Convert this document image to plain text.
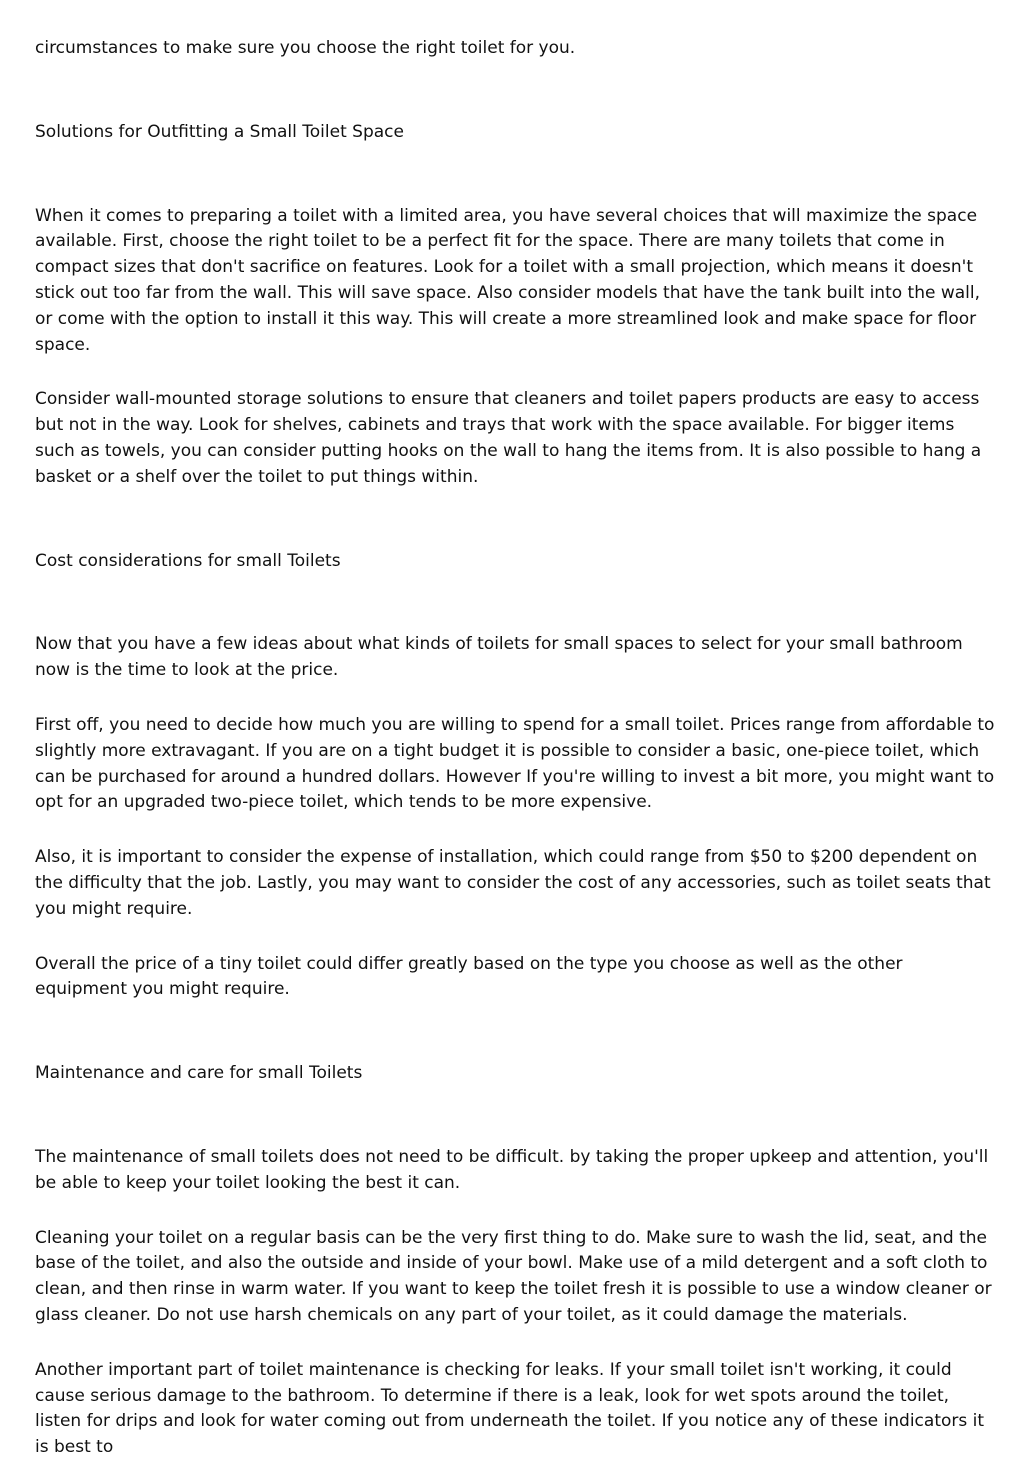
circumstances to make sure you choose the right toilet for you.

Solutions for Outfitting a Small Toilet Space

When it comes to preparing a toilet with a limited area, you have several choices that will maximize the space available. First, choose the right toilet to be a perfect fit for the space. There are many toilets that come in compact sizes that don't sacrifice on features. Look for a toilet with a small projection, which means it doesn't stick out too far from the wall. This will save space. Also consider models that have the tank built into the wall, or come with the option to install it this way. This will create a more streamlined look and make space for floor space.

Consider wall-mounted storage solutions to ensure that cleaners and toilet papers products are easy to access but not in the way. Look for shelves, cabinets and trays that work with the space available. For bigger items such as towels, you can consider putting hooks on the wall to hang the items from. It is also possible to hang a basket or a shelf over the toilet to put things within.

Cost considerations for small Toilets

Now that you have a few ideas about what kinds of toilets for small spaces to select for your small bathroom now is the time to look at the price.

First off, you need to decide how much you are willing to spend for a small toilet. Prices range from affordable to slightly more extravagant. If you are on a tight budget it is possible to consider a basic, one-piece toilet, which can be purchased for around a hundred dollars. However If you're willing to invest a bit more, you might want to opt for an upgraded two-piece toilet, which tends to be more expensive.

Also, it is important to consider the expense of installation, which could range from $50 to $200 dependent on the difficulty that the job. Lastly, you may want to consider the cost of any accessories, such as toilet seats that you might require.

Overall the price of a tiny toilet could differ greatly based on the type you choose as well as the other equipment you might require.

Maintenance and care for small Toilets

The maintenance of small toilets does not need to be difficult. by taking the proper upkeep and attention, you'll be able to keep your toilet looking the best it can.

Cleaning your toilet on a regular basis can be the very first thing to do. Make sure to wash the lid, seat, and the base of the toilet, and also the outside and inside of your bowl. Make use of a mild detergent and a soft cloth to clean, and then rinse in warm water. If you want to keep the toilet fresh it is possible to use a window cleaner or glass cleaner. Do not use harsh chemicals on any part of your toilet, as it could damage the materials.

Another important part of toilet maintenance is checking for leaks. If your small toilet isn't working, it could cause serious damage to the bathroom. To determine if there is a leak, look for wet spots around the toilet, listen for drips and look for water coming out from underneath the toilet. If you notice any of these indicators it is best to
